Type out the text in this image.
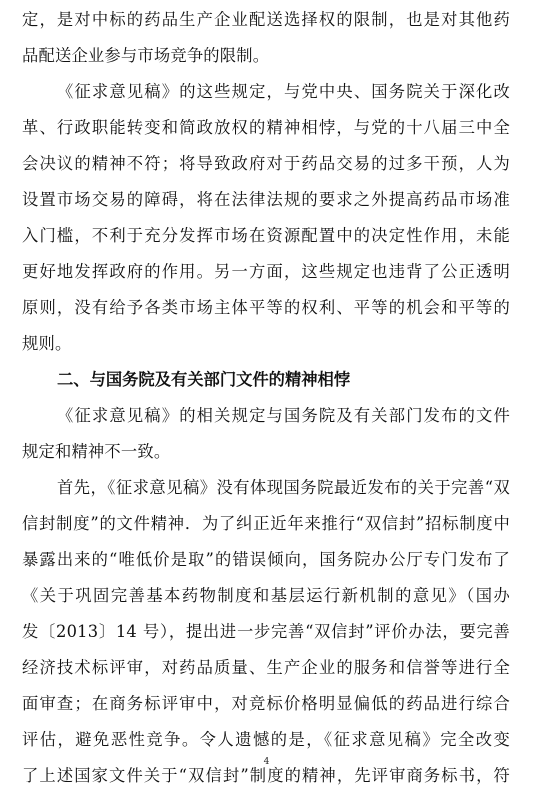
定，是对中标的药品生产企业配送选择权的限制，也是对其他药
品配送企业参与市场竞争的限制。
《征求意见稿》的这些规定，与党中央、国务院关于深化改
革、行政职能转变和简政放权的精神相悖，与党的十八届三中全
会决议的精神不符；将导致政府对于药品交易的过多干预，人为
设置市场交易的障碍，将在法律法规的要求之外提高药品市场准
入门槛，不利于充分发挥市场在资源配置中的决定性作用，未能
更好地发挥政府的作用。另一方面，这些规定也违背了公正透明
原则，没有给予各类市场主体平等的权利、平等的机会和平等的
规则。
二、与国务院及有关部门文件的精神相悖
《征求意见稿》的相关规定与国务院及有关部门发布的文件
规定和精神不一致。
首先，《征求意见稿》没有体现国务院最近发布的关于完善“双
信封制度”的文件精神．为了纠正近年来推行“双信封”招标制度中
暴露出来的“唯低价是取”的错误倾向，国务院办公厅专门发布了
《关于巩固完善基本药物制度和基层运行新机制的意见》（国办
发〔2013〕14 号），提出进一步完善“双信封”评价办法，要完善
经济技术标评审，对药品质量、生产企业的服务和信誉等进行全
面审查；在商务标评审中，对竞标价格明显偏低的药品进行综合
评估，避免恶性竞争。令人遗憾的是，《征求意见稿》完全改变
了上述国家文件关于“双信封”制度的精神，先评审商务标书，符
4
